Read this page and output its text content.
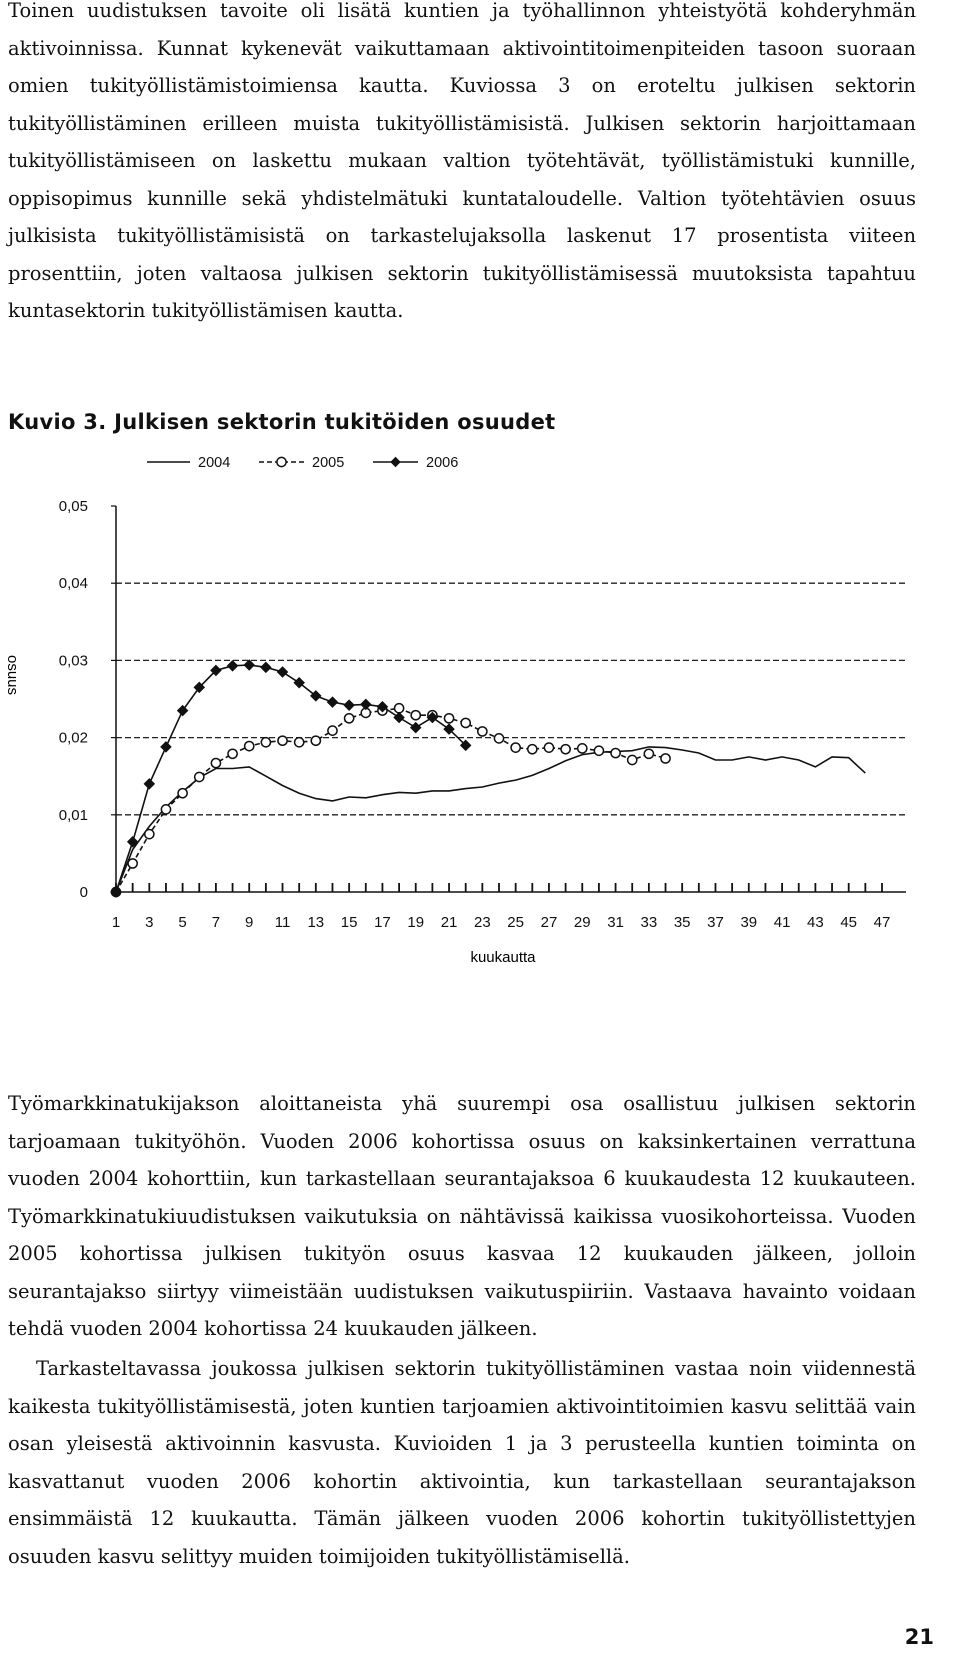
Toinen uudistuksen tavoite oli lisätä kuntien ja työhallinnon yhteistyötä kohderyhmän aktivoinnissa. Kunnat kykenevät vaikuttamaan aktivointitoimenpiteiden tasoon suoraan omien tukityöllistämistoimiensa kautta. Kuviossa 3 on eroteltu julkisen sektorin tukityöllistäminen erilleen muista tukityöllistämisistä. Julkisen sektorin harjoittamaan tukityöllistämiseen on laskettu mukaan valtion työtehtävät, työllistämistuki kunnille, oppisopimus kunnille sekä yhdistelmätuki kuntataloudelle. Valtion työtehtävien osuus julkisista tukityöllistämisistä on tarkastelujaksolla laskenut 17 prosentista viiteen prosenttiin, joten valtaosa julkisen sektorin tukityöllistämisessä muutoksista tapahtuu kuntasektorin tukityöllistämisen kautta.
Kuvio 3. Julkisen sektorin tukitöiden osuudet
2004	2005	2006
0
0,01
0,02
0,03
0,04
0,05
1 3 5 7 9 11 13 15 17 19 21 23 25 27 29 31 33 35 37 39 41 43 45 47
kuukautta
osuus
Työmarkkinatukijakson aloittaneista yhä suurempi osa osallistuu julkisen sektorin tarjoamaan tukityöhön. Vuoden 2006 kohortissa osuus on kaksinkertainen verrattuna vuoden 2004 kohorttiin, kun tarkastellaan seurantajaksoa 6 kuukaudesta 12 kuukauteen. Työmarkkinatukiuudistuksen vaikutuksia on nähtävissä kaikissa vuosikohorteissa. Vuoden 2005 kohortissa julkisen tukityön osuus kasvaa 12 kuukauden jälkeen, jolloin seurantajakso siirtyy viimeistään uudistuksen vaikutuspiiriin. Vastaava havainto voidaan tehdä vuoden 2004 kohortissa 24 kuukauden jälkeen.
Tarkasteltavassa joukossa julkisen sektorin tukityöllistäminen vastaa noin viidennestä kaikesta tukityöllistämisestä, joten kuntien tarjoamien aktivointitoimien kasvu selittää vain osan yleisestä aktivoinnin kasvusta. Kuvioiden 1 ja 3 perusteella kuntien toiminta on kasvattanut vuoden 2006 kohortin aktivointia, kun tarkastellaan seurantajakson ensimmäistä 12 kuukautta. Tämän jälkeen vuoden 2006 kohortin tukityöllistettyjen osuuden kasvu selittyy muiden toimijoiden tukityöllistämisellä.
21
